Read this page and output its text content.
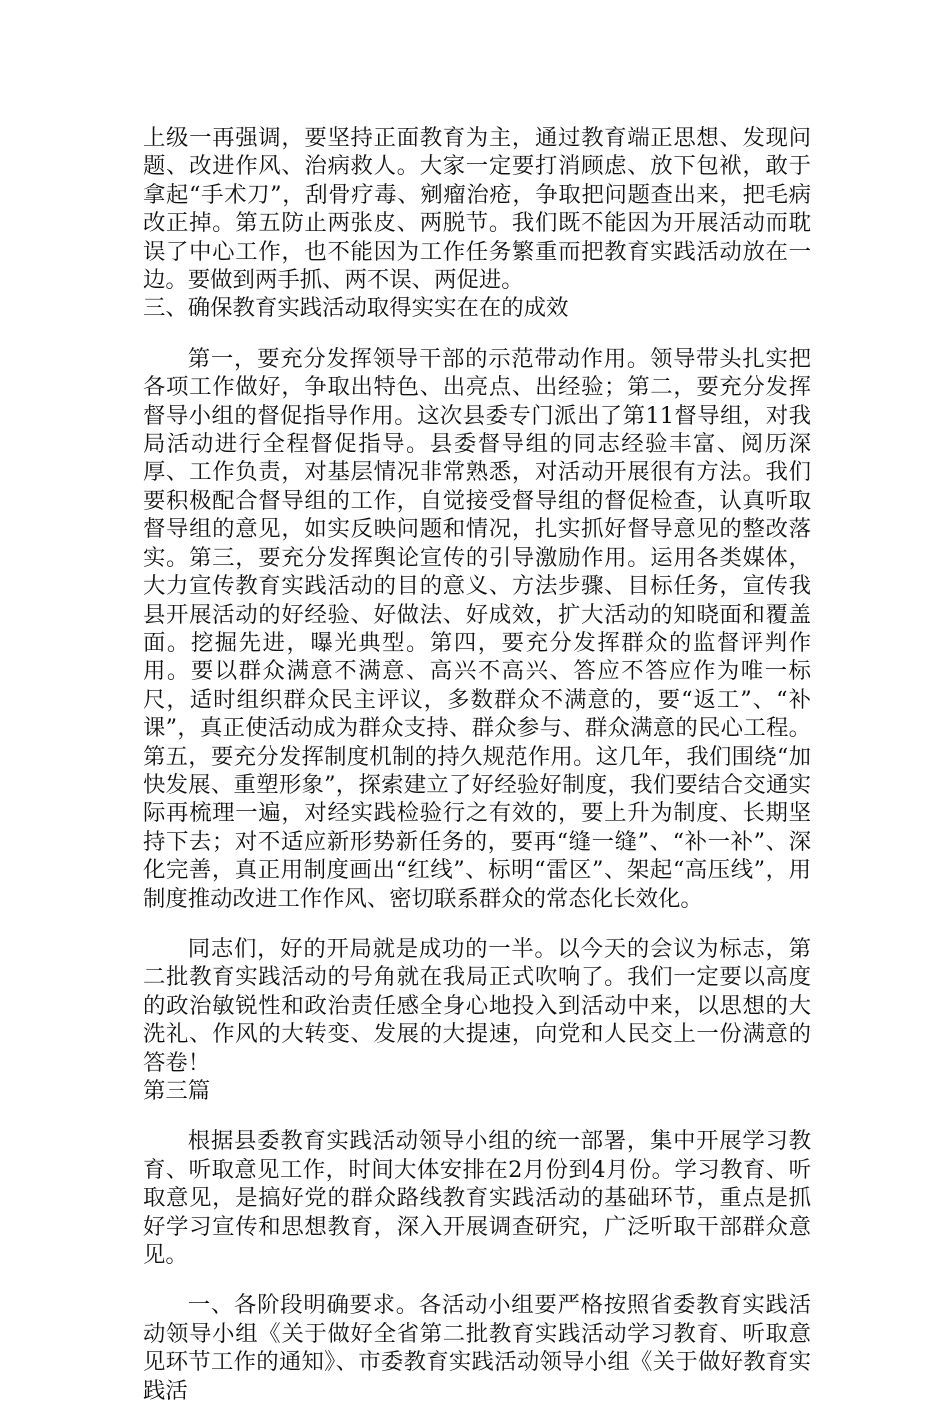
上级一再强调，要坚持正面教育为主，通过教育端正思想、发现问题、改进作风、治病救人。大家一定要打消顾虑、放下包袱，敢于拿起“手术刀”，刮骨疗毒、剜瘤治疮，争取把问题查出来，把毛病改正掉。第五防止两张皮、两脱节。我们既不能因为开展活动而耽误了中心工作，也不能因为工作任务繁重而把教育实践活动放在一边。要做到两手抓、两不误、两促进。

三、确保教育实践活动取得实实在在的成效

第一，要充分发挥领导干部的示范带动作用。领导带头扎实把各项工作做好，争取出特色、出亮点、出经验；第二，要充分发挥督导小组的督促指导作用。这次县委专门派出了第11督导组，对我局活动进行全程督促指导。县委督导组的同志经验丰富、阅历深厚、工作负责，对基层情况非常熟悉，对活动开展很有方法。我们要积极配合督导组的工作，自觉接受督导组的督促检查，认真听取督导组的意见，如实反映问题和情况，扎实抓好督导意见的整改落实。第三，要充分发挥舆论宣传的引导激励作用。运用各类媒体，大力宣传教育实践活动的目的意义、方法步骤、目标任务，宣传我县开展活动的好经验、好做法、好成效，扩大活动的知晓面和覆盖面。挖掘先进，曝光典型。第四，要充分发挥群众的监督评判作用。要以群众满意不满意、高兴不高兴、答应不答应作为唯一标尺，适时组织群众民主评议，多数群众不满意的，要“返工”、“补课”，真正使活动成为群众支持、群众参与、群众满意的民心工程。第五，要充分发挥制度机制的持久规范作用。这几年，我们围绕“加快发展、重塑形象”，探索建立了好经验好制度，我们要结合交通实际再梳理一遍，对经实践检验行之有效的，要上升为制度、长期坚持下去；对不适应新形势新任务的，要再“缝一缝”、“补一补”、深化完善，真正用制度画出“红线”、标明“雷区”、架起“高压线”，用制度推动改进工作作风、密切联系群众的常态化长效化。

同志们，好的开局就是成功的一半。以今天的会议为标志，第二批教育实践活动的号角就在我局正式吹响了。我们一定要以高度的政治敏锐性和政治责任感全身心地投入到活动中来，以思想的大洗礼、作风的大转变、发展的大提速，向党和人民交上一份满意的答卷！

第三篇

根据县委教育实践活动领导小组的统一部署，集中开展学习教育、听取意见工作，时间大体安排在2月份到4月份。学习教育、听取意见，是搞好党的群众路线教育实践活动的基础环节，重点是抓好学习宣传和思想教育，深入开展调查研究，广泛听取干部群众意见。

一、各阶段明确要求。各活动小组要严格按照省委教育实践活动领导小组《关于做好全省第二批教育实践活动学习教育、听取意见环节工作的通知》、市委教育实践活动领导小组《关于做好教育实践活
